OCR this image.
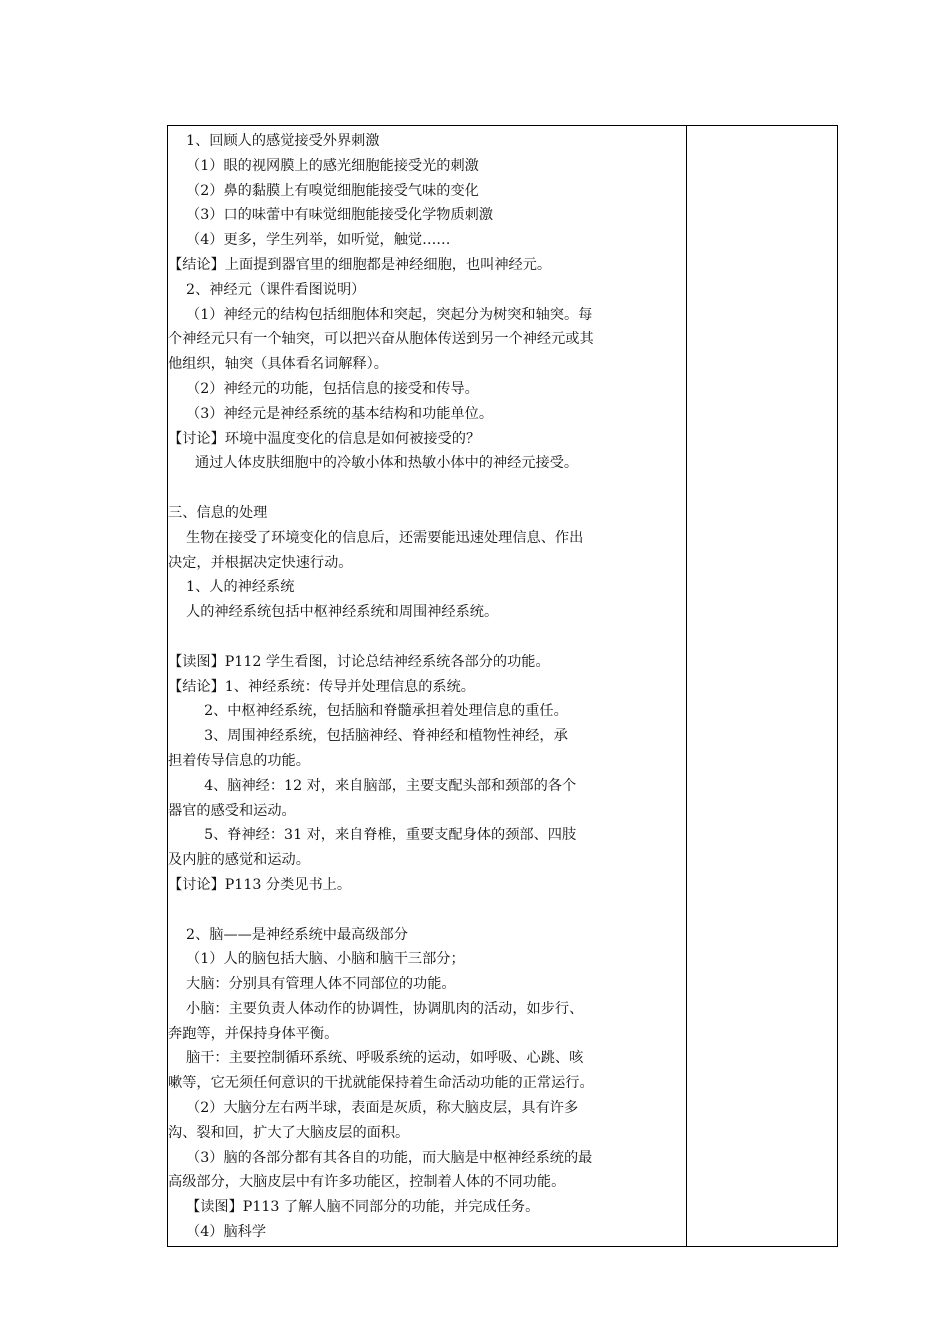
1、回顾人的感觉接受外界刺激
（1）眼的视网膜上的感光细胞能接受光的刺激
（2）鼻的黏膜上有嗅觉细胞能接受气味的变化
（3）口的味蕾中有味觉细胞能接受化学物质刺激
（4）更多，学生列举，如听觉，触觉……
【结论】上面提到器官里的细胞都是神经细胞，也叫神经元。
2、神经元（课件看图说明）
（1）神经元的结构包括细胞体和突起，突起分为树突和轴突。每
个神经元只有一个轴突，可以把兴奋从胞体传送到另一个神经元或其
他组织，轴突（具体看名词解释）。
（2）神经元的功能，包括信息的接受和传导。
（3）神经元是神经系统的基本结构和功能单位。
【讨论】环境中温度变化的信息是如何被接受的？
通过人体皮肤细胞中的冷敏小体和热敏小体中的神经元接受。
三、信息的处理
生物在接受了环境变化的信息后，还需要能迅速处理信息、作出
决定，并根据决定快速行动。
1、人的神经系统
人的神经系统包括中枢神经系统和周围神经系统。
【读图】P112 学生看图，讨论总结神经系统各部分的功能。
【结论】1、神经系统：传导并处理信息的系统。
2、中枢神经系统，包括脑和脊髓承担着处理信息的重任。
3、周围神经系统，包括脑神经、脊神经和植物性神经，承
担着传导信息的功能。
4、脑神经：12 对，来自脑部，主要支配头部和颈部的各个
器官的感受和运动。
5、脊神经：31 对，来自脊椎，重要支配身体的颈部、四肢
及内脏的感觉和运动。
【讨论】P113 分类见书上。
2、脑——是神经系统中最高级部分
（1）人的脑包括大脑、小脑和脑干三部分；
大脑：分别具有管理人体不同部位的功能。
小脑：主要负责人体动作的协调性，协调肌肉的活动，如步行、
奔跑等，并保持身体平衡。
脑干：主要控制循环系统、呼吸系统的运动，如呼吸、心跳、咳
嗽等，它无须任何意识的干扰就能保持着生命活动功能的正常运行。
（2）大脑分左右两半球，表面是灰质，称大脑皮层，具有许多
沟、裂和回，扩大了大脑皮层的面积。
（3）脑的各部分都有其各自的功能，而大脑是中枢神经系统的最
高级部分，大脑皮层中有许多功能区，控制着人体的不同功能。
【读图】P113 了解人脑不同部分的功能，并完成任务。
（4）脑科学
